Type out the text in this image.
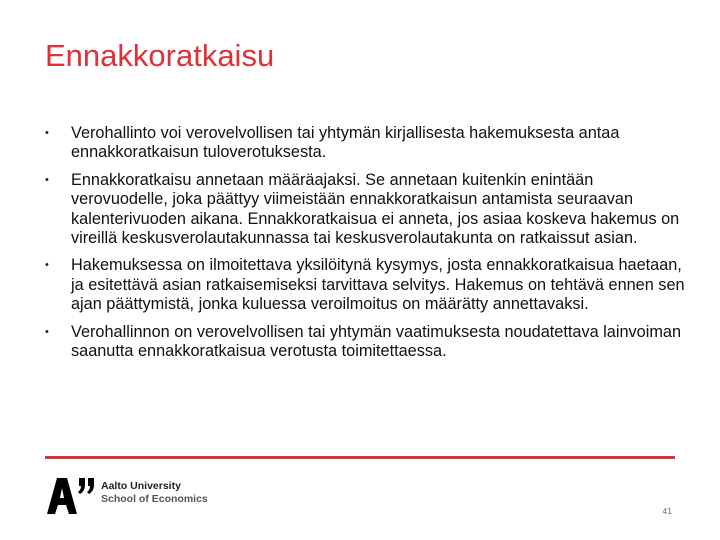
Ennakkoratkaisu
•	Verohallinto voi verovelvollisen tai yhtymän kirjallisesta hakemuksesta antaa ennakkoratkaisun tuloverotuksesta.
•	Ennakkoratkaisu annetaan määräajaksi. Se annetaan kuitenkin enintään verovuodelle, joka päättyy viimeistään ennakkoratkaisun antamista seuraavan kalenterivuoden aikana. Ennakkoratkaisua ei anneta, jos asiaa koskeva hakemus on vireillä keskusverolautakunnassa tai keskusverolautakunta on ratkaissut asian.
•	Hakemuksessa on ilmoitettava yksilöitynä kysymys, josta ennakkoratkaisua haetaan, ja esitettävä asian ratkaisemiseksi tarvittava selvitys. Hakemus on tehtävä ennen sen ajan päättymistä, jonka kuluessa veroilmoitus on määrätty annettavaksi.
•	Verohallinnon on verovelvollisen tai yhtymän vaatimuksesta noudatettava lainvoiman saanutta ennakkoratkaisua verotusta toimitettaessa.
Aalto University
School of Economics
41
